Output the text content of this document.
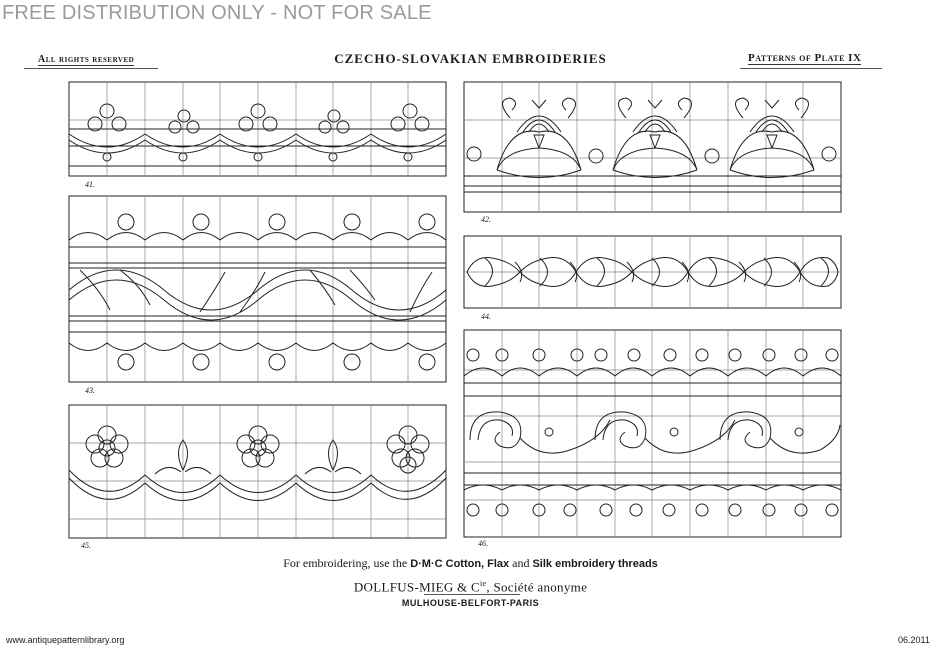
FREE DISTRIBUTION ONLY - NOT FOR SALE
All rights reserved	CZECHO-SLOVAKIAN EMBROIDERIES	Patterns of Plate IX
41.
42.
43.
44.
45.	46.
For embroidering, use the D·M·C Cotton, Flax and Silk embroidery threads
DOLLFUS-MIEG & $C^{ie}$, Société anonyme
MULHOUSE-BELFORT-PARIS
www.antiquepatternlibrary.org	06.2011
